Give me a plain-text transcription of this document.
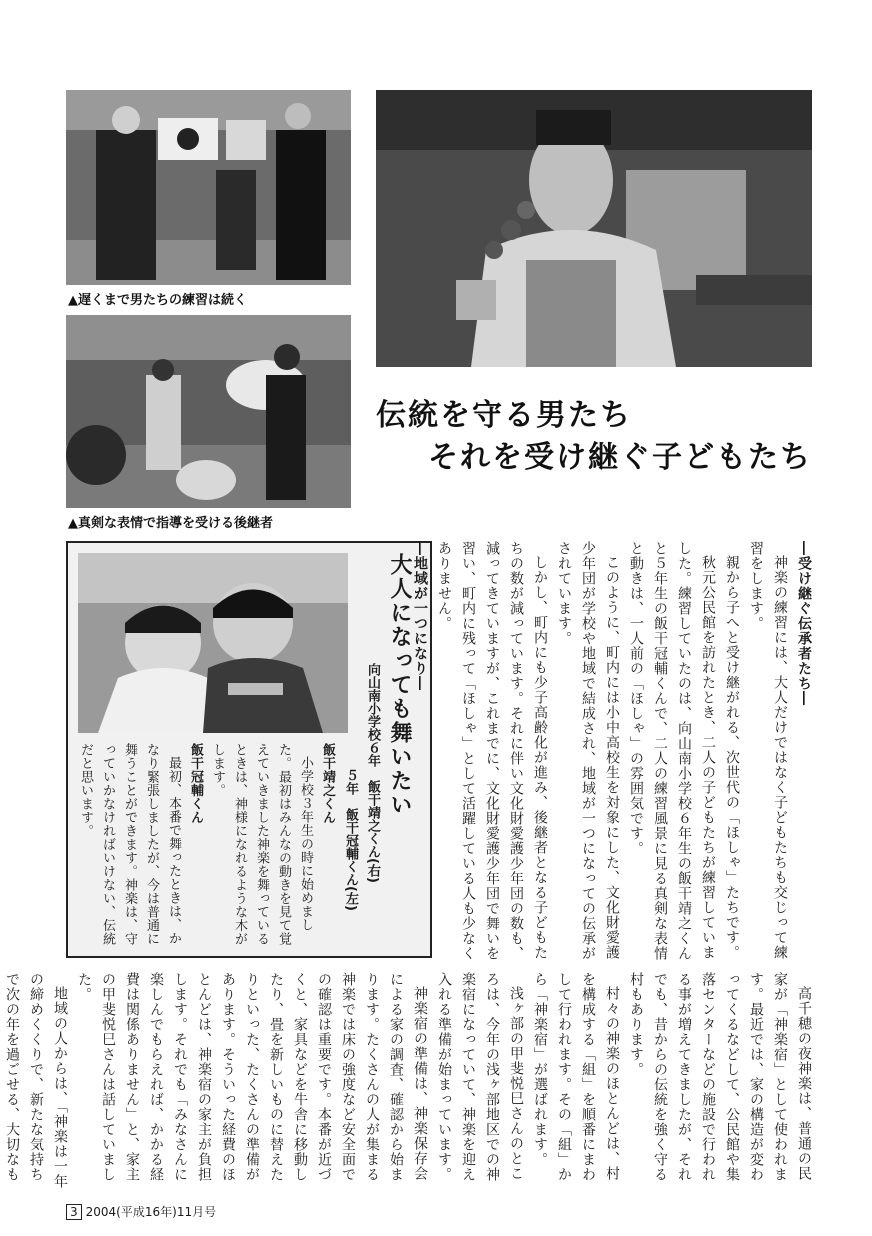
▲遅くまで男たちの練習は続く
▲真剣な表情で指導を受ける後継者
伝統を守る男たち
それを受け継ぐ子どもたち
大人になっても舞いたい
向山南小学校６年　飯干靖之くん(右)
５年　飯干冠輔くん(左)
飯干靖之くん

小学校３年生の時に始めました。最初はみんなの動きを見て覚えていきました神楽を舞っているときは、神様になれるような木がします。

飯干冠輔くん

最初、本番で舞ったときは、かなり緊張しましたが、今は普通に舞うことができます。神楽は、守っていかなければいけない、伝統だと思います。

―受け継ぐ伝承者たち―

神楽の練習には、大人だけではなく子どもたちも交じって練習をします。

親から子へと受け継がれる、次世代の「ほしゃ」たちです。

秋元公民館を訪れたとき、二人の子どもたちが練習していました。練習していたのは、向山南小学校６年生の飯干靖之くんと５年生の飯干冠輔くんで、二人の練習風景に見る真剣な表情と動きは、一人前の「ほしゃ」の雰囲気です。

このように、町内には小中高校生を対象にした、文化財愛護少年団が学校や地域で結成され、地域が一つになっての伝承がされています。

しかし、町内にも少子高齢化が進み、後継者となる子どもたちの数が減っています。それに伴い文化財愛護少年団の数も、減ってきていますが、これまでに、文化財愛護少年団で舞いを習い、町内に残って「ほしゃ」として活躍している人も少なくありません。

―地域が一つになり―

高千穂の夜神楽は、普通の民家が「神楽宿」として使われます。最近では、家の構造が変わってくるなどして、公民館や集落センターなどの施設で行われる事が増えてきましたが、それでも、昔からの伝統を強く守る村もあります。

村々の神楽のほとんどは、村を構成する「組」を順番にまわして行われます。その「組」から「神楽宿」が選ばれます。

浅ヶ部の甲斐悦巳さんのところは、今年の浅ヶ部地区での神楽宿になっていて、神楽を迎え入れる準備が始まっています。

神楽宿の準備は、神楽保存会による家の調査、確認から始まります。たくさんの人が集まる神楽では床の強度など安全面での確認は重要です。本番が近づくと、家具などを牛舎に移動したり、畳を新しいものに替えたりといった、たくさんの準備があります。そういった経費のほとんどは、神楽宿の家主が負担します。それでも「みなさんに楽しんでもらえれば、かかる経費は関係ありません」と、家主の甲斐悦巳さんは話していました。

地域の人からは、「神楽は一年の締めくくりで、新たな気持ちで次の年を過ごせる、大切なも

3 2004(平成16年)11月号
